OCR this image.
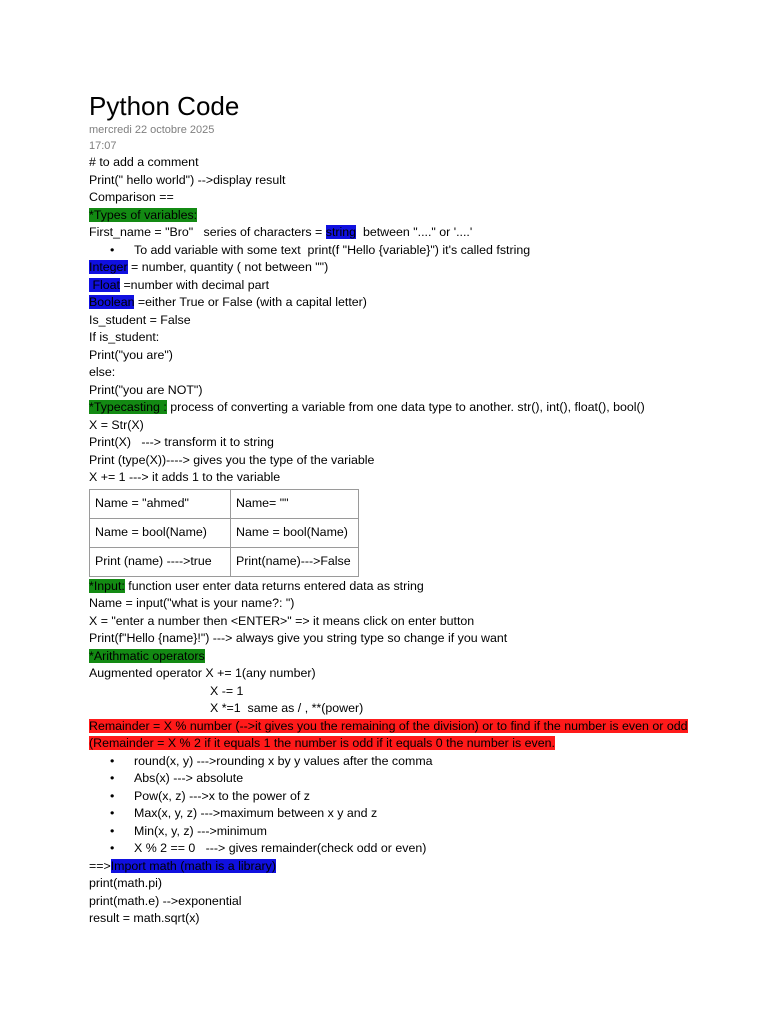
Python Code
mercredi 22 octobre 2025
17:07
# to add a comment
Print(" hello world") -->display result
Comparison ==
*Types of variables:
First_name = "Bro"   series of characters = string  between "...." or '....'
• To add variable with some text  print(f "Hello {variable}") it's called fstring
Integer = number, quantity ( not between "")
Float =number with decimal part
Boolean =either True or False (with a capital letter)
Is_student = False
If is_student:
Print("you are")
else:
Print("you are NOT")
*Typecasting : process of converting a variable from one data type to another. str(), int(), float(), bool()
X = Str(X)
Print(X)   ---> transform it to string
Print (type(X))----> gives you the type of the variable
X += 1 ---> it adds 1 to the variable
Name = "ahmed"	Name= ""
Name = bool(Name)	Name = bool(Name)
Print (name) ---->true	Print(name)--->False
*Input: function user enter data returns entered data as string
Name = input("what is your name?: ")
X = "enter a number then <ENTER>" => it means click on enter button
Print(f"Hello {name}!") ---> always give you string type so change if you want
*Arithmatic operators
Augmented operator X += 1(any number)
X -= 1
X *=1  same as / , **(power)
Remainder = X % number (-->it gives you the remaining of the division) or to find if the number is even or odd (Remainder = X % 2 if it equals 1 the number is odd if it equals 0 the number is even.
• round(x, y) --->rounding x by y values after the comma
• Abs(x) ---> absolute
• Pow(x, z) --->x to the power of z
• Max(x, y, z) --->maximum between x y and z
• Min(x, y, z) --->minimum
• X % 2 == 0   ---> gives remainder(check odd or even)
==>Import math (math is a library)
print(math.pi)
print(math.e) -->exponential
result = math.sqrt(x)
